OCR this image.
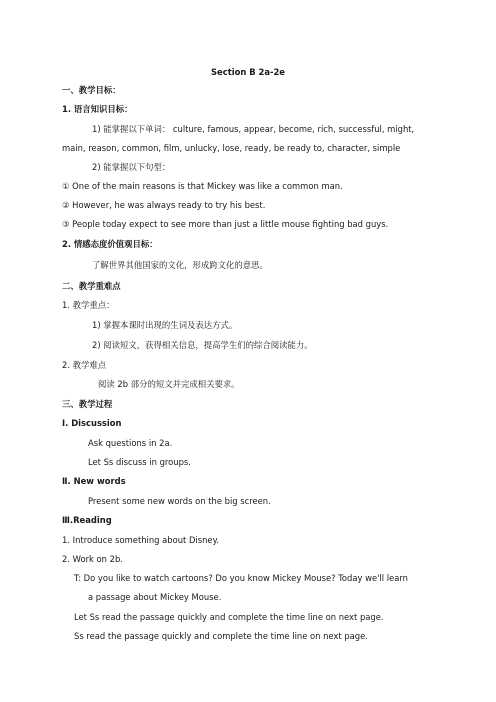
Section B 2a-2e
一、教学目标：
1. 语言知识目标：
1) 能掌握以下单词： culture, famous, appear, become, rich, successful, might,
main, reason, common, film, unlucky, lose, ready, be ready to, character, simple
2) 能掌握以下句型：
① One of the main reasons is that Mickey was like a common man.
② However, he was always ready to try his best.
③ People today expect to see more than just a little mouse fighting bad guys.
2. 情感态度价值观目标：
了解世界其他国家的文化，形成跨文化的意思。
二、教学重难点
1. 教学重点：
1) 掌握本课时出现的生词及表达方式。
2) 阅读短文，获得相关信息，提高学生们的综合阅读能力。
2. 教学难点
阅读 2b 部分的短文并完成相关要求。
三、教学过程
Ⅰ. Discussion
Ask questions in 2a.
Let Ss discuss in groups.
Ⅱ. New words
Present some new words on the big screen.
Ⅲ.Reading
1. Introduce something about Disney.
2. Work on 2b.
T: Do you like to watch cartoons? Do you know Mickey Mouse? Today we'll learn
a passage about Mickey Mouse.
Let Ss read the passage quickly and complete the time line on next page.
Ss read the passage quickly and complete the time line on next page.
